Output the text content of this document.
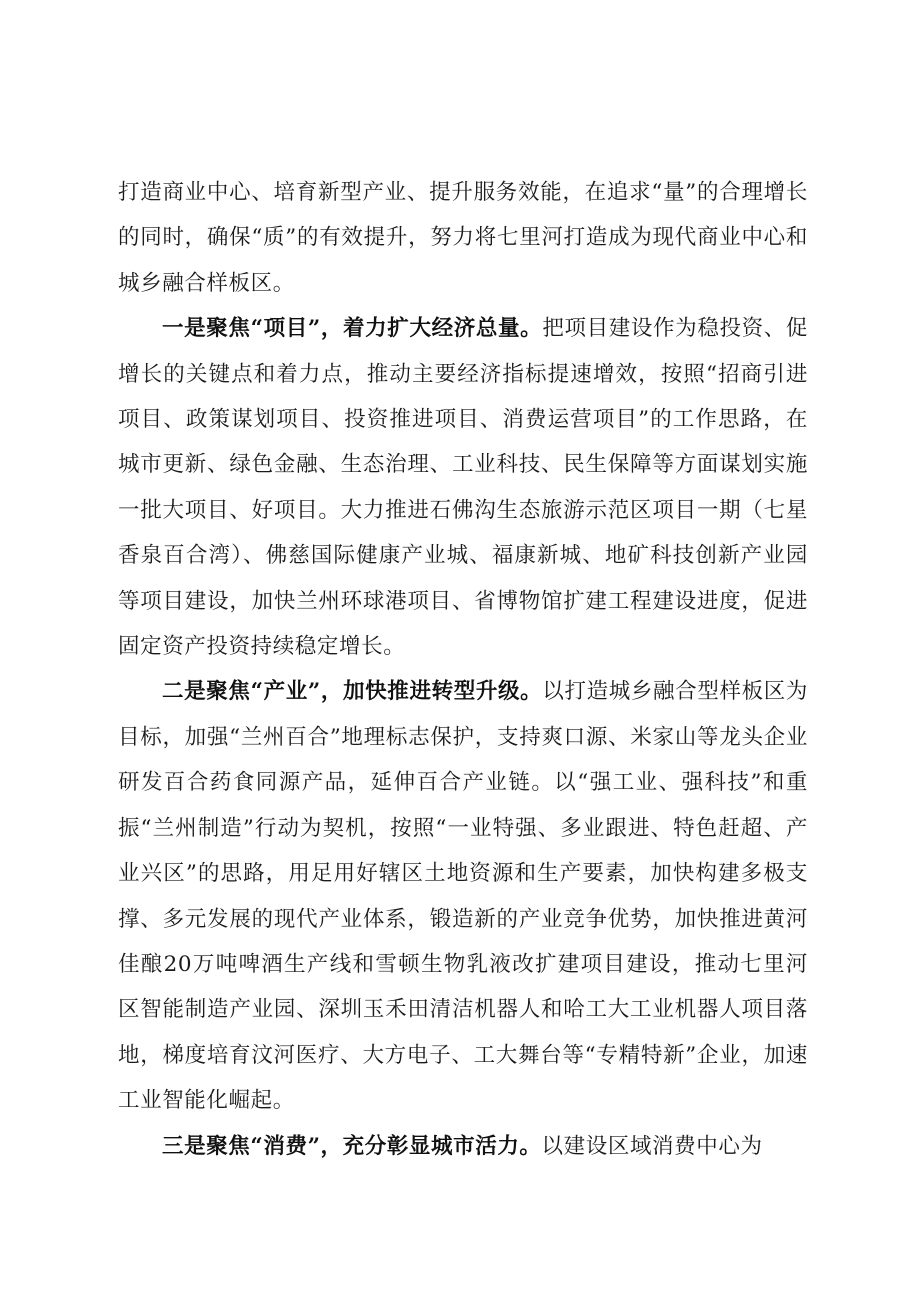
打造商业中心、培育新型产业、提升服务效能，在追求“量”的合理增长的同时，确保“质”的有效提升，努力将七里河打造成为现代商业中心和城乡融合样板区。

一是聚焦“项目”，着力扩大经济总量。把项目建设作为稳投资、促增长的关键点和着力点，推动主要经济指标提速增效，按照“招商引进项目、政策谋划项目、投资推进项目、消费运营项目”的工作思路，在城市更新、绿色金融、生态治理、工业科技、民生保障等方面谋划实施一批大项目、好项目。大力推进石佛沟生态旅游示范区项目一期（七星香泉百合湾）、佛慈国际健康产业城、福康新城、地矿科技创新产业园等项目建设，加快兰州环球港项目、省博物馆扩建工程建设进度，促进固定资产投资持续稳定增长。

二是聚焦“产业”，加快推进转型升级。以打造城乡融合型样板区为目标，加强“兰州百合”地理标志保护，支持爽口源、米家山等龙头企业研发百合药食同源产品，延伸百合产业链。以“强工业、强科技”和重振“兰州制造”行动为契机，按照“一业特强、多业跟进、特色赶超、产业兴区”的思路，用足用好辖区土地资源和生产要素，加快构建多极支撑、多元发展的现代产业体系，锻造新的产业竞争优势，加快推进黄河佳酿20万吨啤酒生产线和雪顿生物乳液改扩建项目建设，推动七里河区智能制造产业园、深圳玉禾田清洁机器人和哈工大工业机器人项目落地，梯度培育汶河医疗、大方电子、工大舞台等“专精特新”企业，加速工业智能化崛起。

三是聚焦“消费”，充分彰显城市活力。以建设区域消费中心为
